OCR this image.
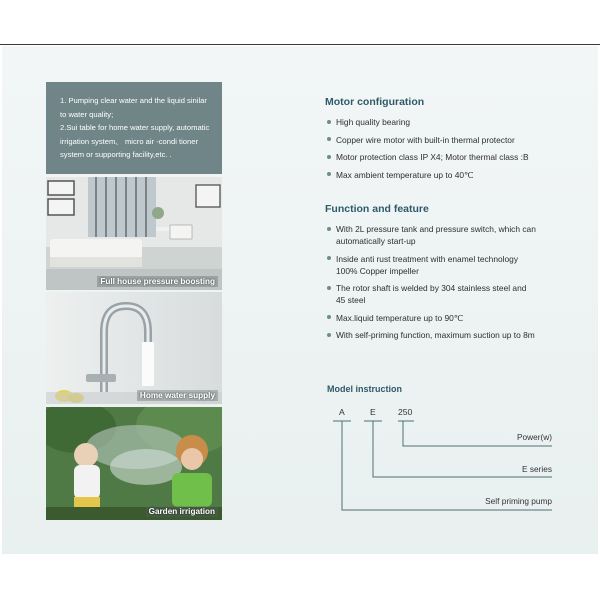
1. Pumping clear water and the liquid sinilar

to water quality;

2.Sui table for home water supply, automatic

irrigation system、 micro air -condi tioner

system or supporting facility,etc. .

Full house pressure boosting
Home water supply
Garden irrigation
Motor configuration
High quality bearing
Copper wire motor with built-in thermal protector
Motor protection class IP X4; Motor thermal class :B
Max ambient temperature up to 40℃
Function and feature
With 2L pressure tank and pressure switch, which can
automatically start-up
Inside anti rust treatment with enamel technology
100% Copper impeller
The rotor shaft is welded by 304 stainless steel and
45 steel
Max.liquid temperature up to 90℃
With self-priming function, maximum suction up to 8m
Model instruction
A	E	250
Power(w)
E series
Self priming pump
